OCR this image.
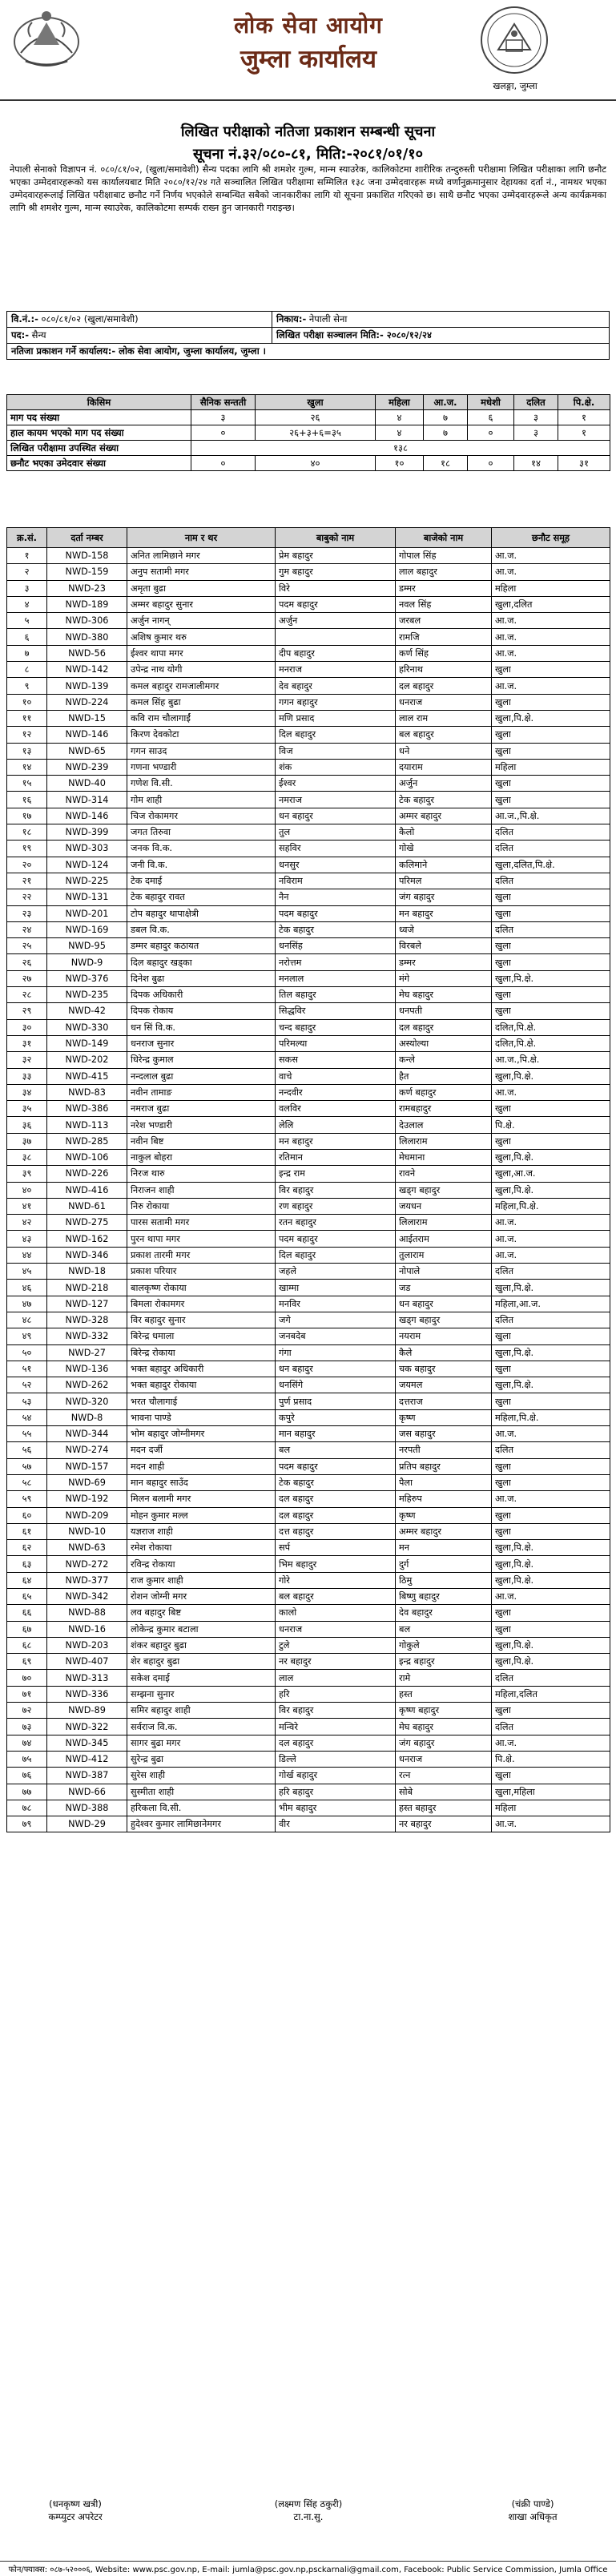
लोक सेवा आयोग
जुम्ला कार्यालय
खलङ्गा, जुम्ला
लिखित परीक्षाको नतिजा प्रकाशन सम्बन्धी सूचना
सूचना नं.३२/०८०-८१, मिति:-२०८१/०१/१०
नेपाली सेनाको विज्ञापन नं. ०८०/८१/०२, (खुला/समावेशी) सैन्य पदका लागि श्री शमशेर गुल्म, मान्म स्याउरेक, कालिकोटमा शारीरिक तन्दुरुस्ती परीक्षामा लिखित परीक्षाका लागि छनौट भएका उम्मेदवारहरूको यस कार्यालयबाट मिति २०८०/१२/२४ गते सञ्चालित लिखित परीक्षामा सम्मिलित १३८ जना उम्मेदवारहरू मध्ये वर्णानुक्रमानुसार देहायका दर्ता नं., नामथर भएका उम्मेदवारहरूलाई लिखित परीक्षाबाट छनौट गर्ने निर्णय भएकोले सम्बन्धित सबैको जानकारीका लागि यो सूचना प्रकाशित गरिएको छ। साथै छनौट भएका उम्मेदवारहरूले अन्य कार्यक्रमका लागि श्री शमशेर गुल्म, मान्म स्याउरेक, कालिकोटमा सम्पर्क राख्न हुन जानकारी गराइन्छ।
वि.नं.:- ०८०/८१/०२ (खुला/समावेशी)	निकाय:- नेपाली सेना
पद:- सैन्य	लिखित परीक्षा सञ्चालन मिति:- २०८०/१२/२४
नतिजा प्रकाशन गर्ने कार्यालय:- लोक सेवा आयोग, जुम्ला कार्यालय, जुम्ला ।	
किसिम	सैनिक सन्तती	खुला	महिला	आ.ज.	मधेशी	दलित	पि.क्षे.
माग पद संख्या	३	२६	४	७	६	३	१
हाल कायम भएको माग पद संख्या	०	२६+३+६=३५	४	७	०	३	१
लिखित परीक्षामा उपस्थित संख्या	१३८						
छनौट भएका उमेदवार संख्या	०	४०	१०	१८	०	१४	३१
क्र.सं.	दर्ता नम्बर	नाम र थर	बाबुको नाम	बाजेको नाम	छनौट समूह
१	NWD-158	अनित लामिछाने मगर	प्रेम बहादुर	गोपाल सिंह	आ.ज.
२	NWD-159	अनुप सतामी मगर	गुम बहादुर	लाल बहादुर	आ.ज.
३	NWD-23	अमृता बुढा	विरे	डम्मर	महिला
४	NWD-189	अम्मर बहादुर सुनार	पदम बहादुर	नवल सिंह	खुला,दलित
५	NWD-306	अर्जुन नागन्	अर्जुन	जरबल	आ.ज.
६	NWD-380	अशिष कुमार थरु		रामजि	आ.ज.
७	NWD-56	ईश्वर थापा मगर	दीप बहादुर	कर्ण सिंह	आ.ज.
८	NWD-142	उपेन्द्र नाथ योगी	मनराज	हरिनाथ	खुला
९	NWD-139	कमल बहादुर रामजालीमगर	देव बहादुर	दल बहादुर	आ.ज.
१०	NWD-224	कमल सिंह बुढा	गगन बहादुर	धनराज	खुला
११	NWD-15	कवि राम चौलागाईं	मणि प्रसाद	लाल राम	खुला,पि.क्षे.
१२	NWD-146	किरण देवकोटा	दिल बहादुर	बल बहादुर	खुला
१३	NWD-65	गगन साउद	विज	धने	खुला
१४	NWD-239	गणना भण्डारी	शंक	दयाराम	महिला
१५	NWD-40	गणेश वि.सी.	ईश्वर	अर्जुन	खुला
१६	NWD-314	गोम शाही	नमराज	टेक बहादुर	खुला
१७	NWD-146	चिज रोकामगर	धन बहादुर	अम्मर बहादुर	आ.ज.,पि.क्षे.
१८	NWD-399	जगत तिरुवा	तुल	कैलो	दलित
१९	NWD-303	जनक वि.क.	सहविर	गोखे	दलित
२०	NWD-124	जनी वि.क.	धनसुर	कलिमाने	खुला,दलित,पि.क्षे.
२१	NWD-225	टेक दमाई	नविराम	परिमल	दलित
२२	NWD-131	टेक बहादुर रावत	नैन	जंग बहादुर	खुला
२३	NWD-201	टोप बहादुर थापाक्षेत्री	पदम बहादुर	मन बहादुर	खुला
२४	NWD-169	डबल वि.क.	टेक बहादुर	ध्वजे	दलित
२५	NWD-95	डम्मर बहादुर कठायत	धनसिंह	विरबले	खुला
२६	NWD-9	दिल बहादुर खड्का	नरोत्तम	डम्मर	खुला
२७	NWD-376	दिनेश बुढा	मनलाल	मंगे	खुला,पि.क्षे.
२८	NWD-235	दिपक अधिकारी	तिल बहादुर	मेघ बहादुर	खुला
२९	NWD-42	दिपक रोकाय	सिद्धविर	धनपती	खुला
३०	NWD-330	धन सिं वि.क.	चन्द बहादुर	दल बहादुर	दलित,पि.क्षे.
३१	NWD-149	धनराज सुनार	परिमल्या	अस्योल्या	दलित,पि.क्षे.
३२	NWD-202	धिरेन्द्र कुमाल	सकस	कन्ले	आ.ज.,पि.क्षे.
३३	NWD-415	नन्दलाल बुढा	वाचे	हैत	खुला,पि.क्षे.
३४	NWD-83	नवीन तामाङ	नन्दवीर	कर्ण बहादुर	आ.ज.
३५	NWD-386	नमराज बुढा	वलविर	रामबहादुर	खुला
३६	NWD-113	नरेश भण्डारी	लेलि	देउलाल	पि.क्षे.
३७	NWD-285	नवीन बिष्ट	मन बहादुर	लिलाराम	खुला
३८	NWD-106	नाकुल बोहरा	रतिमान	मेघमाना	खुला,पि.क्षे.
३९	NWD-226	निरज थारु	इन्द्र राम	रावने	खुला,आ.ज.
४०	NWD-416	निराजन शाही	विर बहादुर	खड्ग बहादुर	खुला,पि.क्षे.
४१	NWD-61	निरु रोकाया	रण बहादुर	जयधन	महिला,पि.क्षे.
४२	NWD-275	पारस सतामी मगर	रतन बहादुर	लिलाराम	आ.ज.
४३	NWD-162	पुरन थापा मगर	पदम बहादुर	आईतराम	आ.ज.
४४	NWD-346	प्रकाश तारमी मगर	दिल बहादुर	तुलाराम	आ.ज.
४५	NWD-18	प्रकाश परियार	जहले	नोपाले	दलित
४६	NWD-218	बालकृष्ण रोकाया	खाम्मा	जड	खुला,पि.क्षे.
४७	NWD-127	बिमला रोकामगर	मनविर	धन बहादुर	महिला,आ.ज.
४८	NWD-328	विर बहादुर सुनार	जगे	खड्ग बहादुर	दलित
४९	NWD-332	बिरेन्द्र धमाला	जनबदेब	नयराम	खुला
५०	NWD-27	बिरेन्द्र रोकाया	गंगा	कैले	खुला,पि.क्षे.
५१	NWD-136	भक्त बहादुर अधिकारी	धन बहादुर	चक बहादुर	खुला
५२	NWD-262	भक्त बहादुर रोकाया	धनसिंगे	जयमल	खुला,पि.क्षे.
५३	NWD-320	भरत चौलागाई	पुर्ण प्रसाद	दत्तराज	खुला
५४	NWD-8	भावना पाण्डे	कपुरे	कृष्ण	महिला,पि.क्षे.
५५	NWD-344	भोम बहादुर जोग्नीमगर	मान बहादुर	जस बहादुर	आ.ज.
५६	NWD-274	मदन दर्जी	बल	नरपती	दलित
५७	NWD-157	मदन शाही	पदम बहादुर	प्रतिप बहादुर	खुला
५८	NWD-69	मान बहादुर साउँद	टेक बहादुर	पैला	खुला
५९	NWD-192	मिलन बलामी मगर	दल बहादुर	महिरुप	आ.ज.
६०	NWD-209	मोहन कुमार मल्ल	दल बहादुर	कृष्ण	खुला
६१	NWD-10	यज्ञराज शाही	दत्त बहादुर	अम्मर बहादुर	खुला
६२	NWD-63	रमेश रोकाया	सर्प	मन	खुला,पि.क्षे.
६३	NWD-272	रविन्द्र रोकाया	भिम बहादुर	दुर्ग	खुला,पि.क्षे.
६४	NWD-377	राज कुमार शाही	गोरे	ठिमु	खुला,पि.क्षे.
६५	NWD-342	रोशन जोग्नी मगर	बल बहादुर	बिष्णु बहादुर	आ.ज.
६६	NWD-88	लव बहादुर बिष्ट	कालो	देव बहादुर	खुला
६७	NWD-16	लोकेन्द्र कुमार बटाला	धनराज	बल	खुला
६८	NWD-203	शंकर बहादुर बुढा	टुले	गोकुले	खुला,पि.क्षे.
६९	NWD-407	शेर बहादुर बुढा	नर बहादुर	इन्द्र बहादुर	खुला,पि.क्षे.
७०	NWD-313	सकेश दमाई	लाल	रामे	दलित
७१	NWD-336	सम्झना सुनार	हरि	हस्त	महिला,दलित
७२	NWD-89	समिर बहादुर शाही	विर बहादुर	कृष्ण बहादुर	खुला
७३	NWD-322	सर्वराज वि.क.	मन्विरे	मेघ बहादुर	दलित
७४	NWD-345	सागर बुढा मगर	दल बहादुर	जंग बहादुर	आ.ज.
७५	NWD-412	सुरेन्द्र बुढा	डिल्ले	धनराज	पि.क्षे.
७६	NWD-387	सुरेस शाही	गोर्ख बहादुर	रत्न	खुला
७७	NWD-66	सुस्मीता शाही	हरि बहादुर	सोबे	खुला,महिला
७८	NWD-388	हरिकला वि.सी.	भीम बहादुर	हस्त बहादुर	महिला
७९	NWD-29	हुदेश्वर कुमार लामिछानेमगर	वीर	नर बहादुर	आ.ज.
(धनकृष्ण खत्री)
कम्प्युटर अपरेटर
(लक्ष्मण सिंह ठकुरी)
टा.ना.सु.
(चंक्री पाण्डे)
शाखा अधिकृत
फोन/फ्याक्स: ०८७-५२०००६, Website: www.psc.gov.np, E-mail: jumla@psc.gov.np,psckarnali@gmail.com, Facebook: Public Service Commission, Jumla Office
